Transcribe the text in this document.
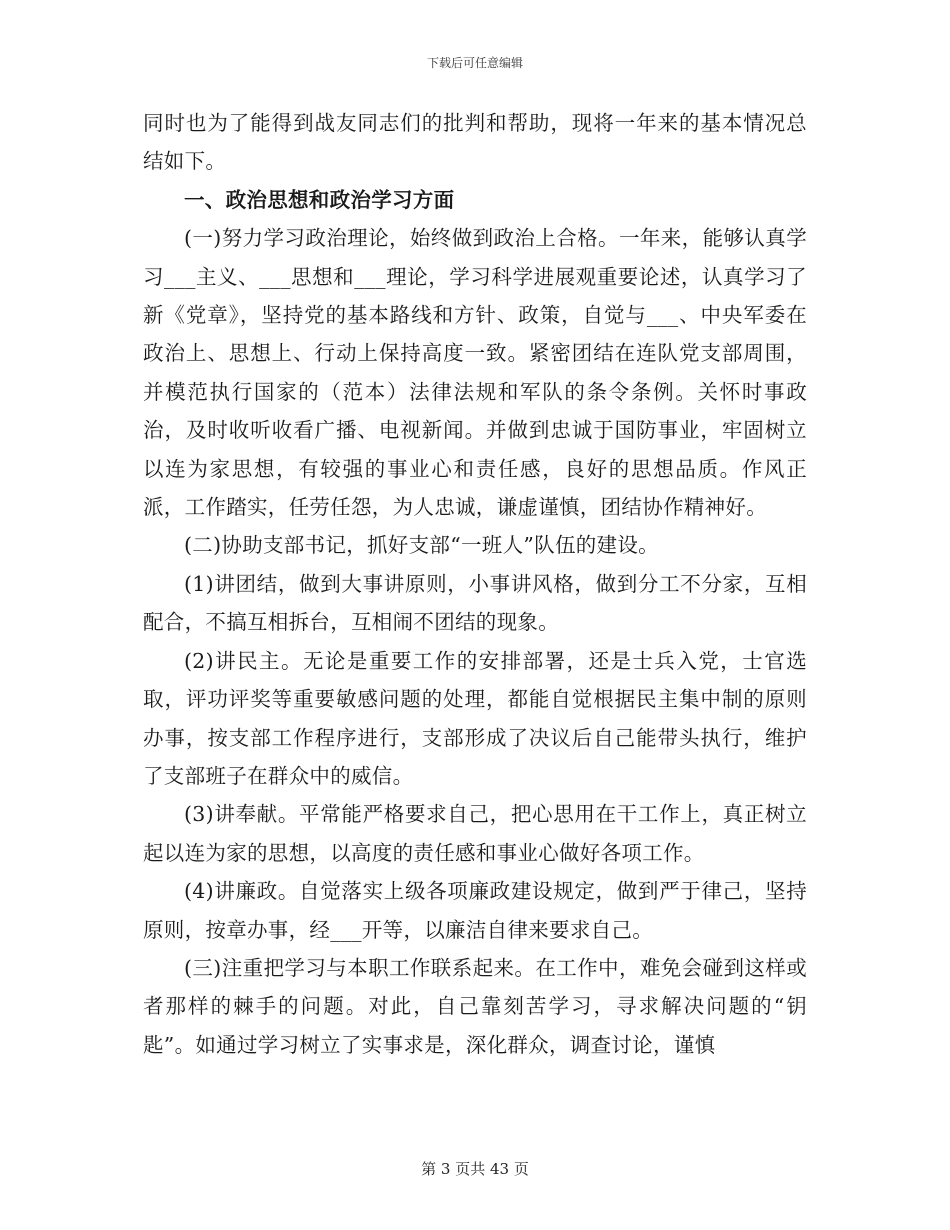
下载后可任意编辑

同时也为了能得到战友同志们的批判和帮助，现将一年来的基本情况总结如下。

一、政治思想和政治学习方面

(一)努力学习政治理论，始终做到政治上合格。一年来，能够认真学习___主义、___思想和___理论，学习科学进展观重要论述，认真学习了新《党章》，坚持党的基本路线和方针、政策，自觉与___、中央军委在政治上、思想上、行动上保持高度一致。紧密团结在连队党支部周围，并模范执行国家的（范本）法律法规和军队的条令条例。关怀时事政治，及时收听收看广播、电视新闻。并做到忠诚于国防事业，牢固树立以连为家思想，有较强的事业心和责任感，良好的思想品质。作风正派，工作踏实，任劳任怨，为人忠诚，谦虚谨慎，团结协作精神好。

(二)协助支部书记，抓好支部“一班人”队伍的建设。

(1)讲团结，做到大事讲原则，小事讲风格，做到分工不分家，互相配合，不搞互相拆台，互相闹不团结的现象。

(2)讲民主。无论是重要工作的安排部署，还是士兵入党，士官选取，评功评奖等重要敏感问题的处理，都能自觉根据民主集中制的原则办事，按支部工作程序进行，支部形成了决议后自己能带头执行，维护了支部班子在群众中的威信。

(3)讲奉献。平常能严格要求自己，把心思用在干工作上，真正树立起以连为家的思想，以高度的责任感和事业心做好各项工作。

(4)讲廉政。自觉落实上级各项廉政建设规定，做到严于律己，坚持原则，按章办事，经___开等，以廉洁自律来要求自己。

(三)注重把学习与本职工作联系起来。在工作中，难免会碰到这样或者那样的棘手的问题。对此，自己靠刻苦学习，寻求解决问题的“钥匙”。如通过学习树立了实事求是，深化群众，调查讨论，谨慎

第 3 页共 43 页
